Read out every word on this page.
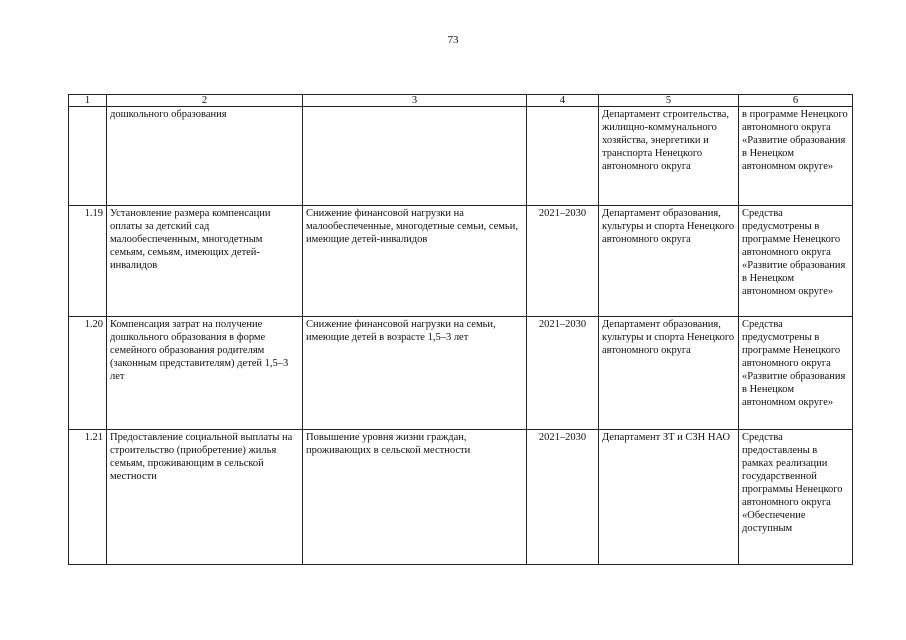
73
1	2	3	4	5	6
	дошкольного образования			Департамент строительства, жилищно-коммунального хозяйства, энергетики и транспорта Ненецкого автономного округа	в программе Ненецкого автономного округа «Развитие образования в Ненецком автономном округе»
1.19	Установление размера компенсации оплаты за детский сад малообеспеченным, многодетным семьям, семьям, имеющих детей-инвалидов	Снижение финансовой нагрузки на малообеспеченные, многодетные семьи, семьи, имеющие детей-инвалидов	2021–2030	Департамент образования, культуры и спорта Ненецкого автономного округа	Средства предусмотрены в программе Ненецкого автономного округа «Развитие образования в Ненецком автономном округе»
1.20	Компенсация затрат на получение дошкольного образования в форме семейного образования родителям (законным представителям) детей 1,5–3 лет	Снижение финансовой нагрузки на семьи, имеющие детей в возрасте 1,5–3 лет	2021–2030	Департамент образования, культуры и спорта Ненецкого автономного округа	Средства предусмотрены в программе Ненецкого автономного округа «Развитие образования в Ненецком автономном округе»
1.21	Предоставление социальной выплаты на строительство (приобретение) жилья семьям, проживающим в сельской местности	Повышение уровня жизни граждан, проживающих в сельской местности	2021–2030	Департамент ЗТ и СЗН НАО	Средства предоставлены в рамках реализации государственной программы Ненецкого автономного округа «Обеспечение доступным
